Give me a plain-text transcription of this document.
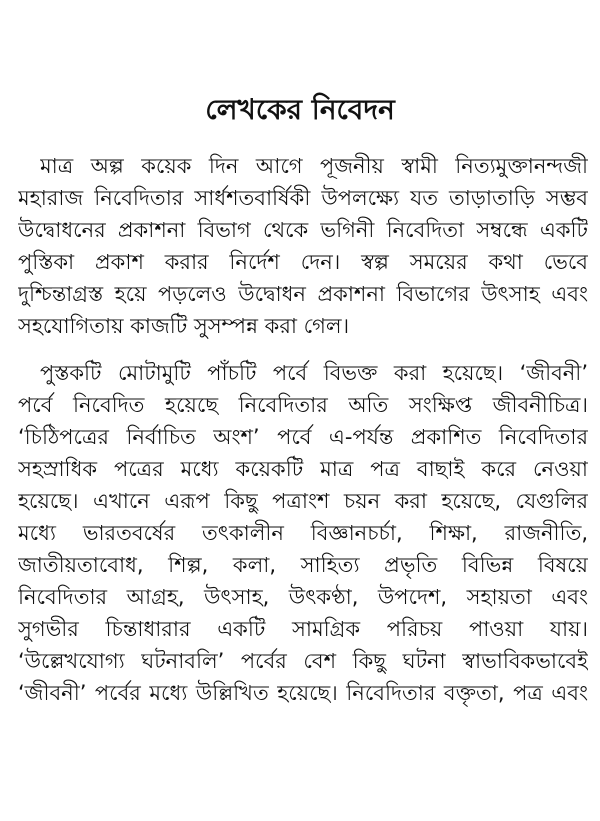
লেখকের নিবেদন
মাত্র অল্প কয়েক দিন আগে পূজনীয় স্বামী নিত্যমুক্তানন্দজী
মহারাজ নিবেদিতার সার্ধশতবার্ষিকী উপলক্ষ্যে যত তাড়াতাড়ি সম্ভব
উদ্বোধনের প্রকাশনা বিভাগ থেকে ভগিনী নিবেদিতা সম্বন্ধে একটি
পুস্তিকা প্রকাশ করার নির্দেশ দেন। স্বল্প সময়ের কথা ভেবে
দুশ্চিন্তাগ্রস্ত হয়ে পড়লেও উদ্বোধন প্রকাশনা বিভাগের উৎসাহ এবং
সহযোগিতায় কাজটি সুসম্পন্ন করা গেল।
পুস্তকটি মোটামুটি পাঁচটি পর্বে বিভক্ত করা হয়েছে। ‘জীবনী’
পর্বে নিবেদিত হয়েছে নিবেদিতার অতি সংক্ষিপ্ত জীবনীচিত্র।
‘চিঠিপত্রের নির্বাচিত অংশ’ পর্বে এ-পর্যন্ত প্রকাশিত নিবেদিতার
সহস্রাধিক পত্রের মধ্যে কয়েকটি মাত্র পত্র বাছাই করে নেওয়া
হয়েছে। এখানে এরূপ কিছু পত্রাংশ চয়ন করা হয়েছে, যেগুলির
মধ্যে ভারতবর্ষের তৎকালীন বিজ্ঞানচর্চা, শিক্ষা, রাজনীতি,
জাতীয়তাবোধ, শিল্প, কলা, সাহিত্য প্রভৃতি বিভিন্ন বিষয়ে
নিবেদিতার আগ্রহ, উৎসাহ, উৎকণ্ঠা, উপদেশ, সহায়তা এবং
সুগভীর চিন্তাধারার একটি সামগ্রিক পরিচয় পাওয়া যায়।
‘উল্লেখযোগ্য ঘটনাবলি’ পর্বের বেশ কিছু ঘটনা স্বাভাবিকভাবেই
‘জীবনী’ পর্বের মধ্যে উল্লিখিত হয়েছে। নিবেদিতার বক্তৃতা, পত্র এবং
